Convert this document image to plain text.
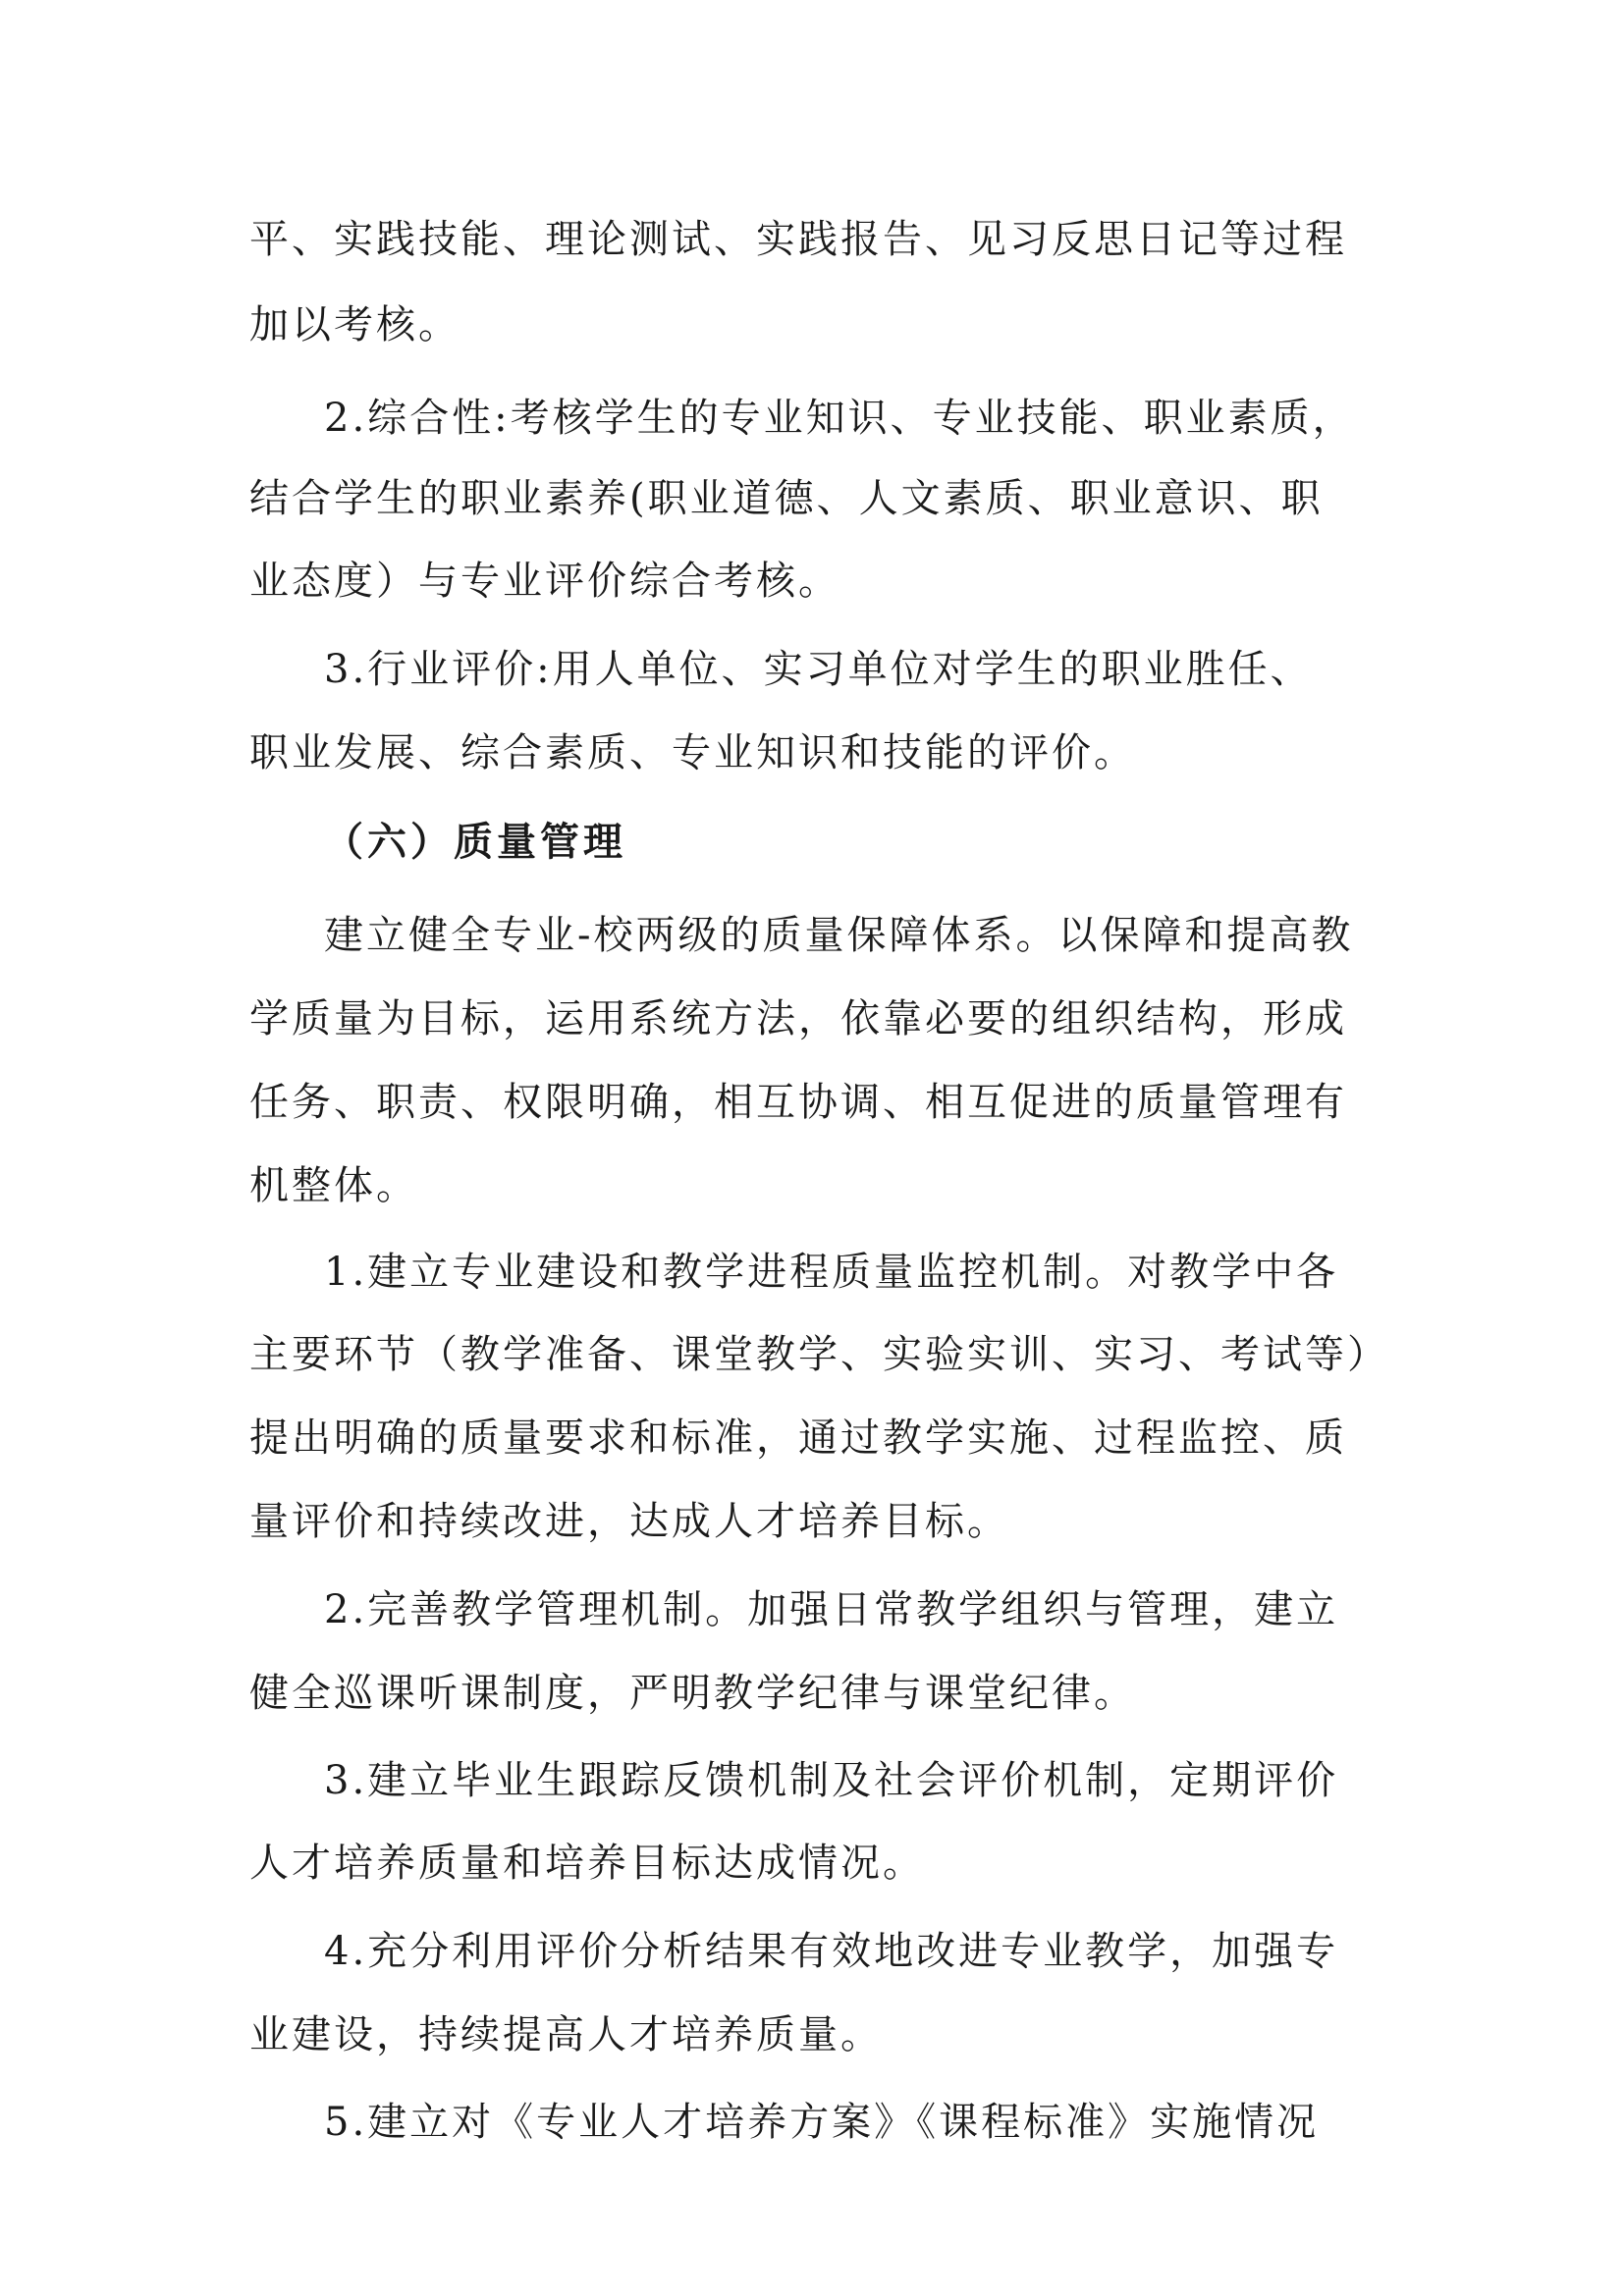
平、实践技能、理论测试、实践报告、见习反思日记等过程
加以考核。
2.综合性:考核学生的专业知识、专业技能、职业素质，
结合学生的职业素养(职业道德、人文素质、职业意识、职
业态度）与专业评价综合考核。
3.行业评价:用人单位、实习单位对学生的职业胜任、
职业发展、综合素质、专业知识和技能的评价。
（六）质量管理
建立健全专业-校两级的质量保障体系。以保障和提高教
学质量为目标，运用系统方法，依靠必要的组织结构，形成
任务、职责、权限明确，相互协调、相互促进的质量管理有
机整体。
1.建立专业建设和教学进程质量监控机制。对教学中各
主要环节（教学准备、课堂教学、实验实训、实习、考试等）
提出明确的质量要求和标准，通过教学实施、过程监控、质
量评价和持续改进，达成人才培养目标。
2.完善教学管理机制。加强日常教学组织与管理，建立
健全巡课听课制度，严明教学纪律与课堂纪律。
3.建立毕业生跟踪反馈机制及社会评价机制，定期评价
人才培养质量和培养目标达成情况。
4.充分利用评价分析结果有效地改进专业教学，加强专
业建设，持续提高人才培养质量。
5.建立对《专业人才培养方案》《课程标准》实施情况
